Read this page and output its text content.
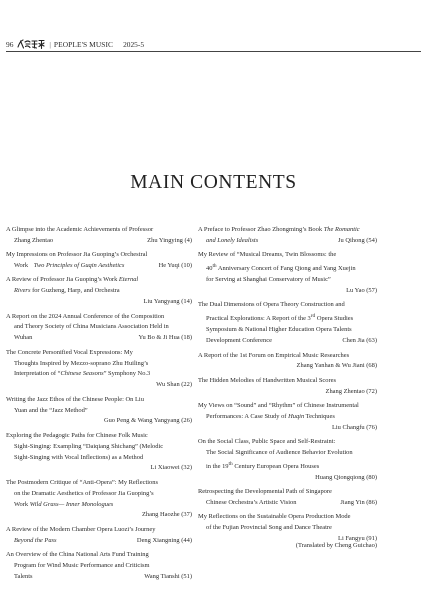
96	| PEOPLE'S MUSIC 2025-5
MAIN CONTENTS
A Glimpse into the Academic Achievements of Professor
Zhang Zhentao	Zhu Yingying (4)
My Impressions on Professor Jia Guoping’s Orchestral
Work Two Principles of Guqin Aesthetics	He Yuqi (10)
A Review of Professor Jia Guoping’s Work Eternal
Rivers for Guzheng, Harp, and Orchestra
Liu Yangyang (14)
A Report on the 2024 Annual Conference of the Composition
and Theory Society of China Musicians Association Held in
Wuhan	Yu Bo & Ji Hua (18)
The Concrete Personified Vocal Expressions: My
Thoughts Inspired by Mezzo-soprano Zhu Huiling’s
Interpretation of “Chinese Seasons” Symphony No.3
Wu Shan (22)
Writing the Jazz Ethos of the Chinese People: On Liu
Yuan and the “Jazz Method”
Guo Peng & Wang Yangyang (26)
Exploring the Pedagogic Paths for Chinese Folk Music
Sight-Singing: Exampling “Daiqiang Shichang” (Melodic
Sight-Singing with Vocal Inflections) as a Method
Li Xiaowei (32)
The Postmodern Critique of “Anti-Opera”: My Reflections
on the Dramatic Aesthetics of Professor Jia Guoping’s
Work Wild Grass— Inner Monologues
Zhang Haozhe (37)
A Review of the Modern Chamber Opera Luozi’s Journey
Beyond the Pass	Deng Xiangning (44)
An Overview of the China National Arts Fund Training
Program for Wind Music Performance and Criticism
Talents	Wang Tianshi (51)
A Preface to Professor Zhao Zhongming’s Book The Romantic
and Lonely Idealists	Ju Qihong (54)
My Review of “Musical Dreams, Twin Blossoms: the
40th Anniversary Concert of Fang Qiong and Yang Xuejin
for Serving at Shanghai Conservatory of Music”
Lu Yao (57)
The Dual Dimensions of Opera Theory Construction and
Practical Explorations: A Report of the 3rd Opera Studies
Symposium & National Higher Education Opera Talents
Development Conference	Chen Jia (63)
A Report of the 1st Forum on Empirical Music Researches
Zhang Yanhan & Wu Jiani (68)
The Hidden Melodies of Handwritten Musical Scores
Zhang Zhentao (72)
My Views on “Sound” and “Rhythm” of Chinese Instrumental
Performances: A Case Study of Huqin Techniques
Liu Changfu (76)
On the Social Class, Public Space and Self-Restraint:
The Social Significance of Audience Behavior Evolution
in the 19th Century European Opera Houses
Huang Qiongqiong (80)
Retrospecting the Developmental Path of Singapore
Chinese Orchestra’s Artistic Vision	Jiang Yin (86)
My Reflections on the Sustainable Opera Production Mode
of the Fujian Provincial Song and Dance Theatre
Li Fangyu (91)
(Translated by Cheng Guichao)
